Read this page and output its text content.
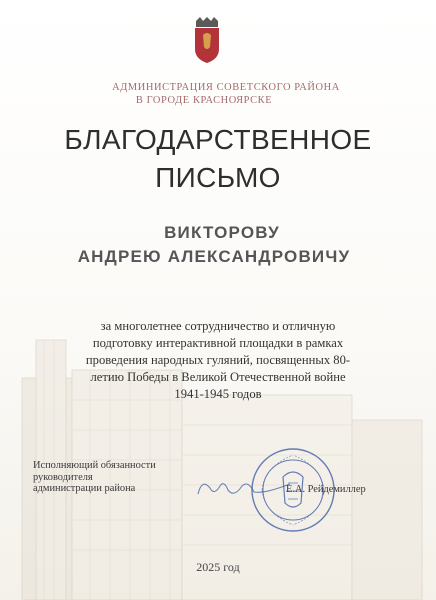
АДМИНИСТРАЦИЯ СОВЕТСКОГО РАЙОНА
В ГОРОДЕ КРАСНОЯРСКЕ
БЛАГОДАРСТВЕННОЕ
ПИСЬМО
ВИКТОРОВУ
АНДРЕЮ АЛЕКСАНДРОВИЧУ
за многолетнее сотрудничество и отличную
подготовку интерактивной площадки в рамках
проведения народных гуляний, посвященных 80-
летию Победы в Великой Отечественной войне
1941-1945 годов
Исполняющий обязанности
руководителя
администрации района	Е.А. Рейдемиллер
2025 год
